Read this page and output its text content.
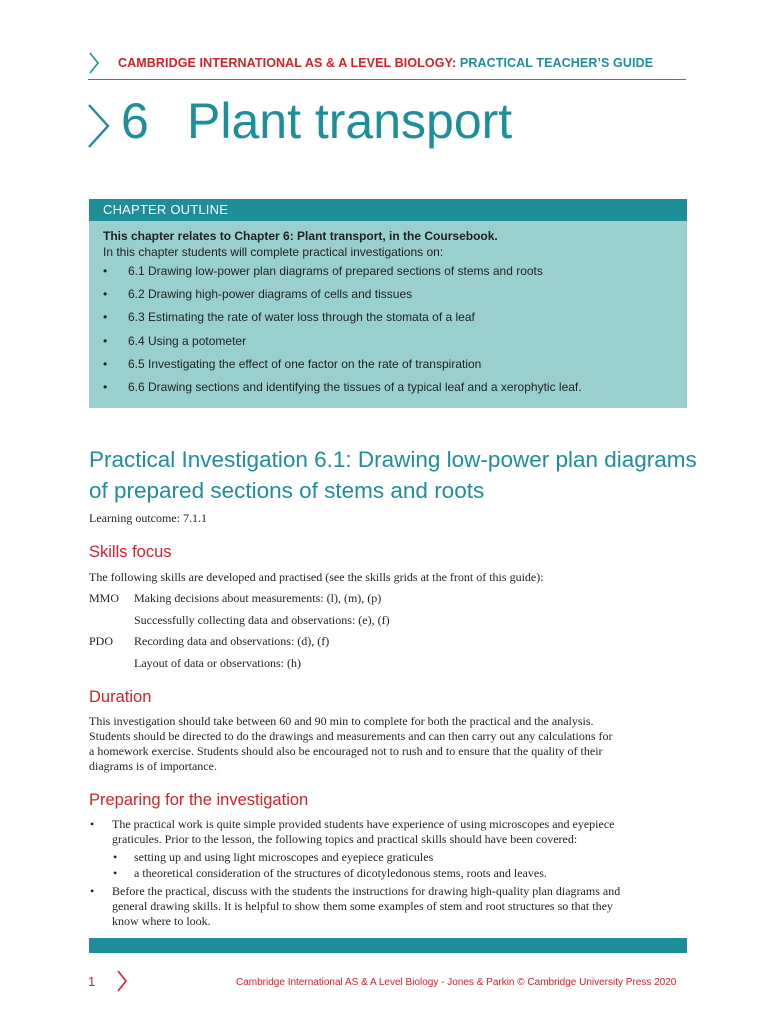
CAMBRIDGE INTERNATIONAL AS & A LEVEL BIOLOGY: PRACTICAL TEACHER’S GUIDE
6 Plant transport
CHAPTER OUTLINE
This chapter relates to Chapter 6: Plant transport, in the Coursebook.
In this chapter students will complete practical investigations on:
• 6.1 Drawing low-power plan diagrams of prepared sections of stems and roots
• 6.2 Drawing high-power diagrams of cells and tissues
• 6.3 Estimating the rate of water loss through the stomata of a leaf
• 6.4 Using a potometer
• 6.5 Investigating the effect of one factor on the rate of transpiration
• 6.6 Drawing sections and identifying the tissues of a typical leaf and a xerophytic leaf.
Practical Investigation 6.1: Drawing low-power plan diagrams of prepared sections of stems and roots
Learning outcome: 7.1.1
Skills focus
The following skills are developed and practised (see the skills grids at the front of this guide):
MMO Making decisions about measurements: (l), (m), (p)
Successfully collecting data and observations: (e), (f)
PDO Recording data and observations: (d), (f)
Layout of data or observations: (h)
Duration
This investigation should take between 60 and 90 min to complete for both the practical and the analysis.
Students should be directed to do the drawings and measurements and can then carry out any calculations for
a homework exercise. Students should also be encouraged not to rush and to ensure that the quality of their
diagrams is of importance.
Preparing for the investigation
• The practical work is quite simple provided students have experience of using microscopes and eyepiece
graticules. Prior to the lesson, the following topics and practical skills should have been covered:
• setting up and using light microscopes and eyepiece graticules
• a theoretical consideration of the structures of dicotyledonous stems, roots and leaves.
• Before the practical, discuss with the students the instructions for drawing high-quality plan diagrams and
general drawing skills. It is helpful to show them some examples of stem and root structures so that they
know where to look.
1	Cambridge International AS & A Level Biology - Jones & Parkin © Cambridge University Press 2020
